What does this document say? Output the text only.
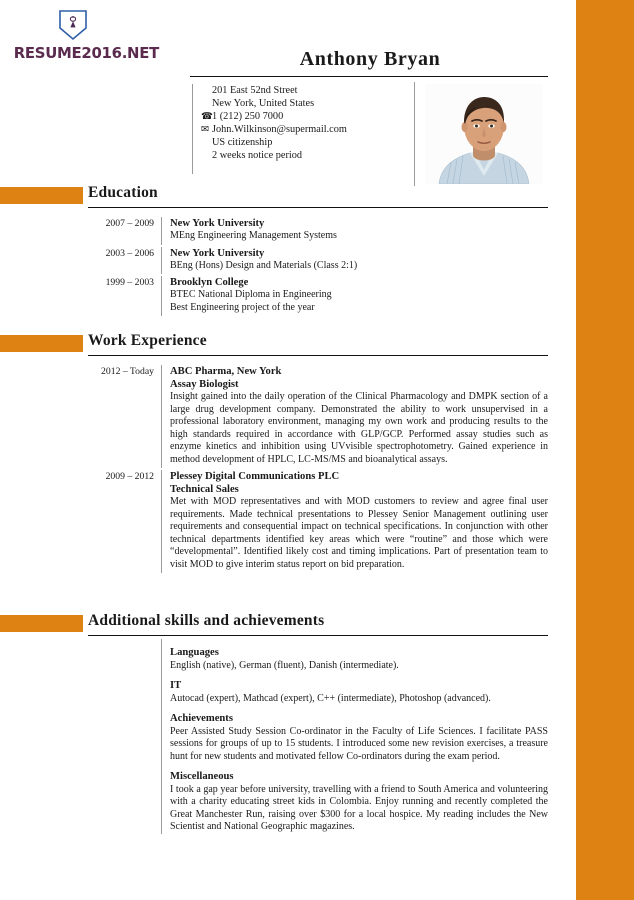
RESUME2016.NET	Anthony Bryan
201 East 52nd Street
New York, United States
☎1 (212) 250 7000
✉ John.Wilkinson@supermail.com
US citizenship
2 weeks notice period
Education
2007 – 2009	New York University
MEng Engineering Management Systems
2003 – 2006	New York University
BEng (Hons) Design and Materials (Class 2:1)
1999 – 2003	Brooklyn College
BTEC National Diploma in Engineering
Best Engineering project of the year
Work Experience
2012 – Today	ABC Pharma, New York
Assay Biologist
Insight gained into the daily operation of the Clinical Pharmacology and DMPK section of a large drug development company. Demonstrated the ability to work unsupervised in a professional laboratory environment, managing my own work and producing results to the high standards required in accordance with GLP/GCP. Performed assay studies such as enzyme kinetics and inhibition using UVvisible spectrophotometry. Gained experience in method development of HPLC, LC-MS/MS and bioanalytical assays.
2009 – 2012	Plessey Digital Communications PLC
Technical Sales
Met with MOD representatives and with MOD customers to review and agree final user requirements. Made technical presentations to Plessey Senior Management outlining user requirements and consequential impact on technical specifications. In conjunction with other technical departments identified key areas which were “routine” and those which were “developmental”. Identified likely cost and timing implications. Part of presentation team to visit MOD to give interim status report on bid preparation.
Additional skills and achievements
Languages
English (native), German (fluent), Danish (intermediate).
IT
Autocad (expert), Mathcad (expert), C++ (intermediate), Photoshop (advanced).
Achievements
Peer Assisted Study Session Co-ordinator in the Faculty of Life Sciences. I facilitate PASS sessions for groups of up to 15 students. I introduced some new revision exercises, a treasure hunt for new students and motivated fellow Co-ordinators during the exam period.
Miscellaneous
I took a gap year before university, travelling with a friend to South America and volunteering with a charity educating street kids in Colombia. Enjoy running and recently completed the Great Manchester Run, raising over $300 for a local hospice. My reading includes the New Scientist and National Geographic magazines.
